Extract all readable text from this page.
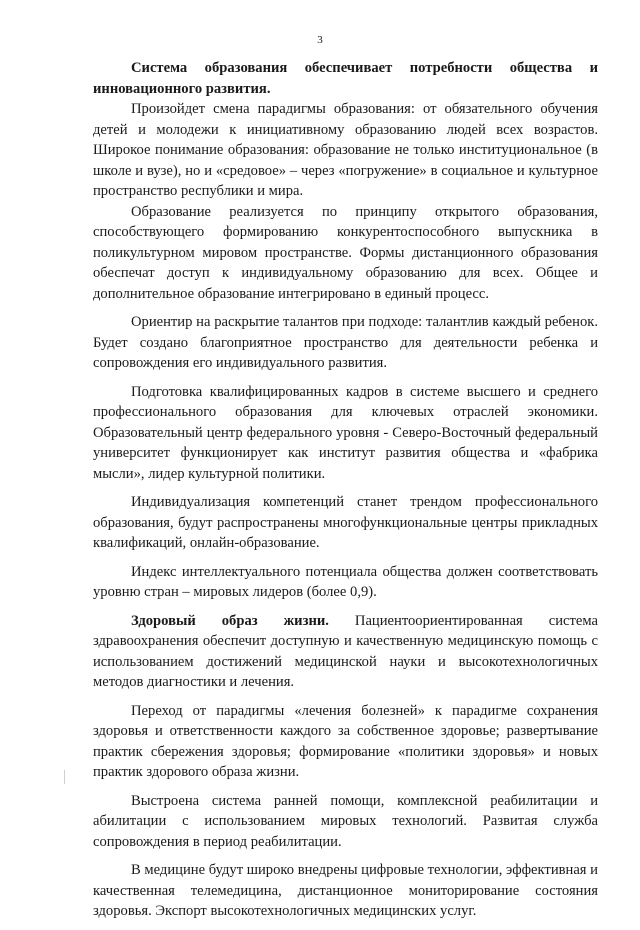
3

Система образования обеспечивает потребности общества и инновационного развития.

Произойдет смена парадигмы образования: от обязательного обучения детей и молодежи к инициативному образованию людей всех возрастов. Широкое понимание образования: образование не только институциональное (в школе и вузе), но и «средовое» – через «погружение» в социальное и культурное пространство республики и мира.

Образование реализуется по принципу открытого образования, способствующего формированию конкурентоспособного выпускника в поликультурном мировом пространстве. Формы дистанционного образования обеспечат доступ к индивидуальному образованию для всех. Общее и дополнительное образование интегрировано в единый процесс.

Ориентир на раскрытие талантов при подходе: талантлив каждый ребенок. Будет создано благоприятное пространство для деятельности ребенка и сопровождения его индивидуального развития.

Подготовка квалифицированных кадров в системе высшего и среднего профессионального образования для ключевых отраслей экономики. Образовательный центр федерального уровня - Северо-Восточный федеральный университет функционирует как институт развития общества и «фабрика мысли», лидер культурной политики.

Индивидуализация компетенций станет трендом профессионального образования, будут распространены многофункциональные центры прикладных квалификаций, онлайн-образование.

Индекс интеллектуального потенциала общества должен соответствовать уровню стран – мировых лидеров (более 0,9).

Здоровый образ жизни. Пациентоориентированная система здравоохранения обеспечит доступную и качественную медицинскую помощь с использованием достижений медицинской науки и высокотехнологичных методов диагностики и лечения.

Переход от парадигмы «лечения болезней» к парадигме сохранения здоровья и ответственности каждого за собственное здоровье; развертывание практик сбережения здоровья; формирование «политики здоровья» и новых практик здорового образа жизни.

Выстроена система ранней помощи, комплексной реабилитации и абилитации с использованием мировых технологий. Развитая служба сопровождения в период реабилитации.

В медицине будут широко внедрены цифровые технологии, эффективная и качественная телемедицина, дистанционное мониторирование состояния здоровья. Экспорт высокотехнологичных медицинских услуг.
